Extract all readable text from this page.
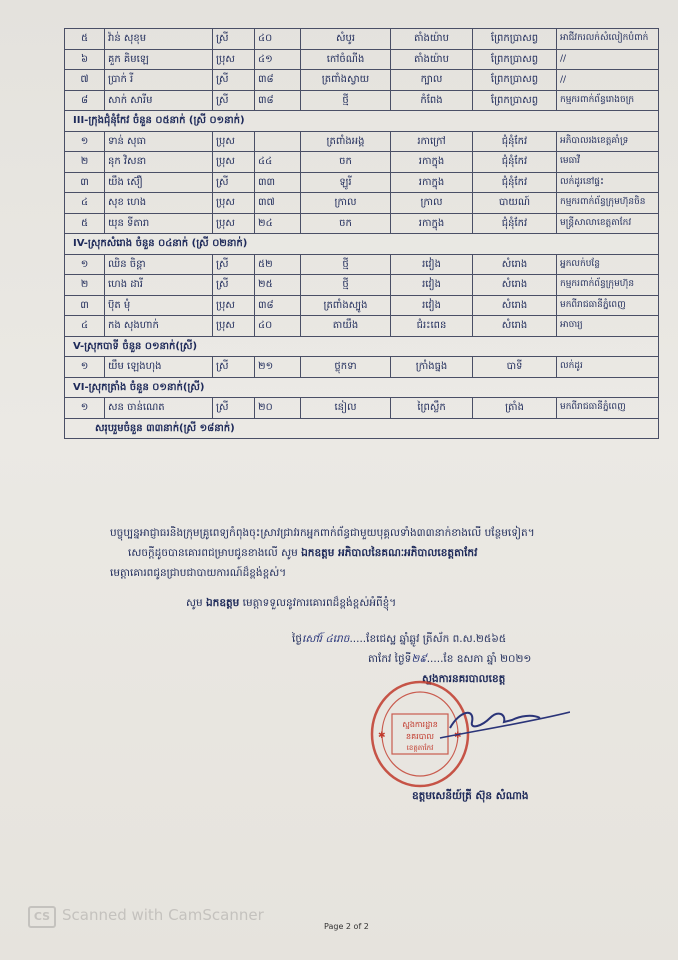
៥	វ៉ាន់ សុខុម	ស្រី	៤០	សំបូរ	តាំងយ៉ាប	ព្រែកប្រាសព្វ	អាជីវករលក់សំលៀកបំពាក់
៦	គួក គិមឡេ	ប្រុស	៤១	កៅចំណីង	តាំងយ៉ាប	ព្រែកប្រាសព្វ	//
៧	ប្រាក់ រី	ស្រី	៣៨	ត្រពាំងស្វាយ	ក្បាល	ព្រែកប្រាសព្វ	//
៨	សាក់ សារីម	ស្រី	៣៨	ថ្មី	កំពែង	ព្រែកប្រាសព្វ	កម្មករពាក់ព័ន្ធរោងចក្រ
III-ក្រុងជុំនុំកែវ ចំនួន ០៥នាក់ (ស្រី ០១នាក់)							
១	ទាន់ សុធា	ប្រុស		ត្រពាំងអង្គ	រកាក្រៅ	ជុំនុំកែវ	អភិបាលរងខេត្តគាំទ្រ
២	នុក វិសនា	ប្រុស	៤៤	ចក	រកាក្នុង	ជុំនុំកែវ	មេធាវី
៣	យឹង ស៊ឿ	ស្រី	៣៣	ឡូរី	រកាក្នុង	ជុំនុំកែវ	លក់ដូរនៅផ្ទះ
៤	សុខ ហេង	ប្រុស	៣៧	ក្រាល	ក្រាល	បាយណ៍	កម្មករពាក់ព័ន្ធក្រុមហ៊ុនចិន
៥	យុន ទីតារា	ប្រុស	២៤	ចក	រកាក្នុង	ជុំនុំកែវ	មន្រ្តីសាលាខេត្តតាកែវ
IV-ស្រុកសំរោង ចំនួន ០៤នាក់ (ស្រី ០២នាក់)							
១	ឈិន ចិន្តា	ស្រី	៥២	ថ្មី	រវៀង	សំរោង	អ្នកលក់បន្លែ
២	ហេង ដារី	ស្រី	២៥	ថ្មី	រវៀង	សំរោង	កម្មករពាក់ព័ន្ធក្រុមហ៊ុន
៣	ប៊ុត មុំ	ប្រុស	៣៨	ត្រពាំងស្បូង	រវៀង	សំរោង	មកពីរាជធានីភ្នំពេញ
៤	កង សុងហាក់	ប្រុស	៤០	តាយឹង	ជំរះពេន	សំរោង	អាចារ្យ
V-ស្រុកបាទី ចំនួន ០១នាក់(ស្រី)							
១	យឹម ឡេងហុង	ស្រី	២១	ថ្លុកទា	ក្រាំងធ្នង	បាទី	លក់ដូរ
VI-ស្រុកត្រាំង ចំនួន ០១នាក់(ស្រី)							
១	សន ចាន់ណេត	ស្រី	២០	នៀល	ព្រៃស្លឹក	ត្រាំង	មកពីរាជធានីភ្នំពេញ
សរុបរួមចំនួន ៣៣នាក់(ស្រី ១៨នាក់)							
បច្ចុប្បន្នអាជ្ញាធរនិងក្រុមគ្រូពេទ្យកំពុងចុះស្រាវជ្រាវរកអ្នកពាក់ព័ន្ធជាមួយបុគ្គលទាំង៣៣នាក់ខាងលើ បន្ថែមទៀត។
សេចក្ដីដូចបានគោរពជម្រាបជូនខាងលើ សូម ឯកឧត្តម អភិបាលនៃគណៈអភិបាលខេត្តតាកែវ
មេត្តាគោរពជូនជ្រាបជាបាយការណ៍ដ៏ខ្ពង់ខ្ពស់។
សូម ឯកឧត្តម មេត្តាទទួលនូវការគោរពដ៏ខ្ពង់ខ្ពស់អំពីខ្ញុំ។
ថ្ងៃសៅរ៍ ៤រោច.....ខែជេស្ឋ ឆ្នាំឆ្លូវ ត្រីស័ក ព.ស.២៥៦៥
តាកែវ ថ្ងៃទី២៩.....ខែ ឧសភា ឆ្នាំ ២០២១
ស្នងការនគរបាលខេត្ត
ស្នងការដ្ឋាន
នគរបាល
ខេត្តតាកែវ
✱	✱
ឧត្តមសេនីយ៍ត្រី ស៊ុន សំណាង
CS Scanned with CamScanner
Page 2 of 2
